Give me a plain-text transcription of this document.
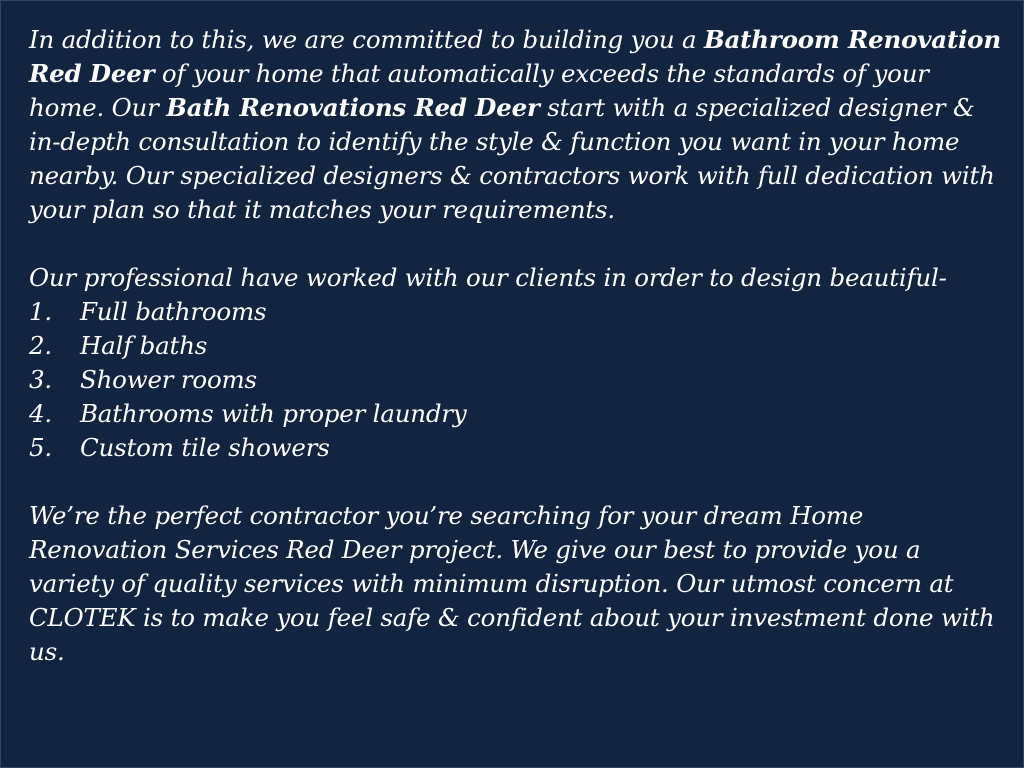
In addition to this, we are committed to building you a Bathroom Renovation Red Deer of your home that automatically exceeds the standards of your home. Our Bath Renovations Red Deer start with a specialized designer & in-depth consultation to identify the style & function you want in your home nearby. Our specialized designers & contractors work with full dedication with your plan so that it matches your requirements.

Our professional have worked with our clients in order to design beautiful-

1.	Full bathrooms
2.	Half baths
3.	Shower rooms
4.	Bathrooms with proper laundry
5.	Custom tile showers

We’re the perfect contractor you’re searching for your dream Home Renovation Services Red Deer project. We give our best to provide you a variety of quality services with minimum disruption. Our utmost concern at CLOTEK is to make you feel safe & confident about your investment done with us.
